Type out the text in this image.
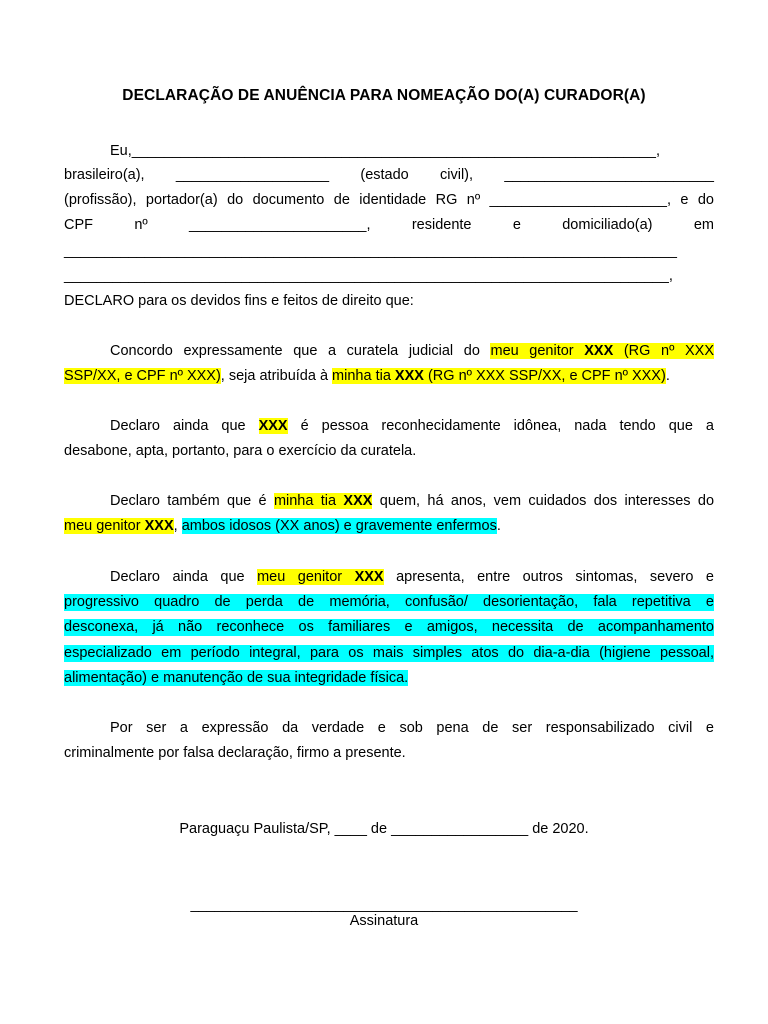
DECLARAÇÃO DE ANUÊNCIA PARA NOMEAÇÃO DO(A) CURADOR(A)
Eu,_________________________________________________________________,
brasileiro(a), ___________________ (estado civil), __________________________
(profissão), portador(a) do documento de identidade RG nº ______________________, e do
CPF nº ______________________, residente e domiciliado(a) em
____________________________________________________________________________
___________________________________________________________________________,
DECLARO para os devidos fins e feitos de direito que:
Concordo expressamente que a curatela judicial do meu genitor XXX (RG nº XXX
SSP/XX, e CPF nº XXX), seja atribuída à minha tia XXX (RG nº XXX SSP/XX, e CPF nº XXX).
Declaro ainda que XXX é pessoa reconhecidamente idônea, nada tendo que a
desabone, apta, portanto, para o exercício da curatela.
Declaro também que é minha tia XXX quem, há anos, vem cuidados dos interesses do
meu genitor XXX, ambos idosos (XX anos) e gravemente enfermos.
Declaro ainda que meu genitor XXX apresenta, entre outros sintomas, severo e
progressivo quadro de perda de memória, confusão/ desorientação, fala repetitiva e
desconexa, já não reconhece os familiares e amigos, necessita de acompanhamento
especializado em período integral, para os mais simples atos do dia-a-dia (higiene pessoal,
alimentação) e manutenção de sua integridade física.
Por ser a expressão da verdade e sob pena de ser responsabilizado civil e
criminalmente por falsa declaração, firmo a presente.
Paraguaçu Paulista/SP, ____ de _________________ de 2020.
________________________________________________
Assinatura
